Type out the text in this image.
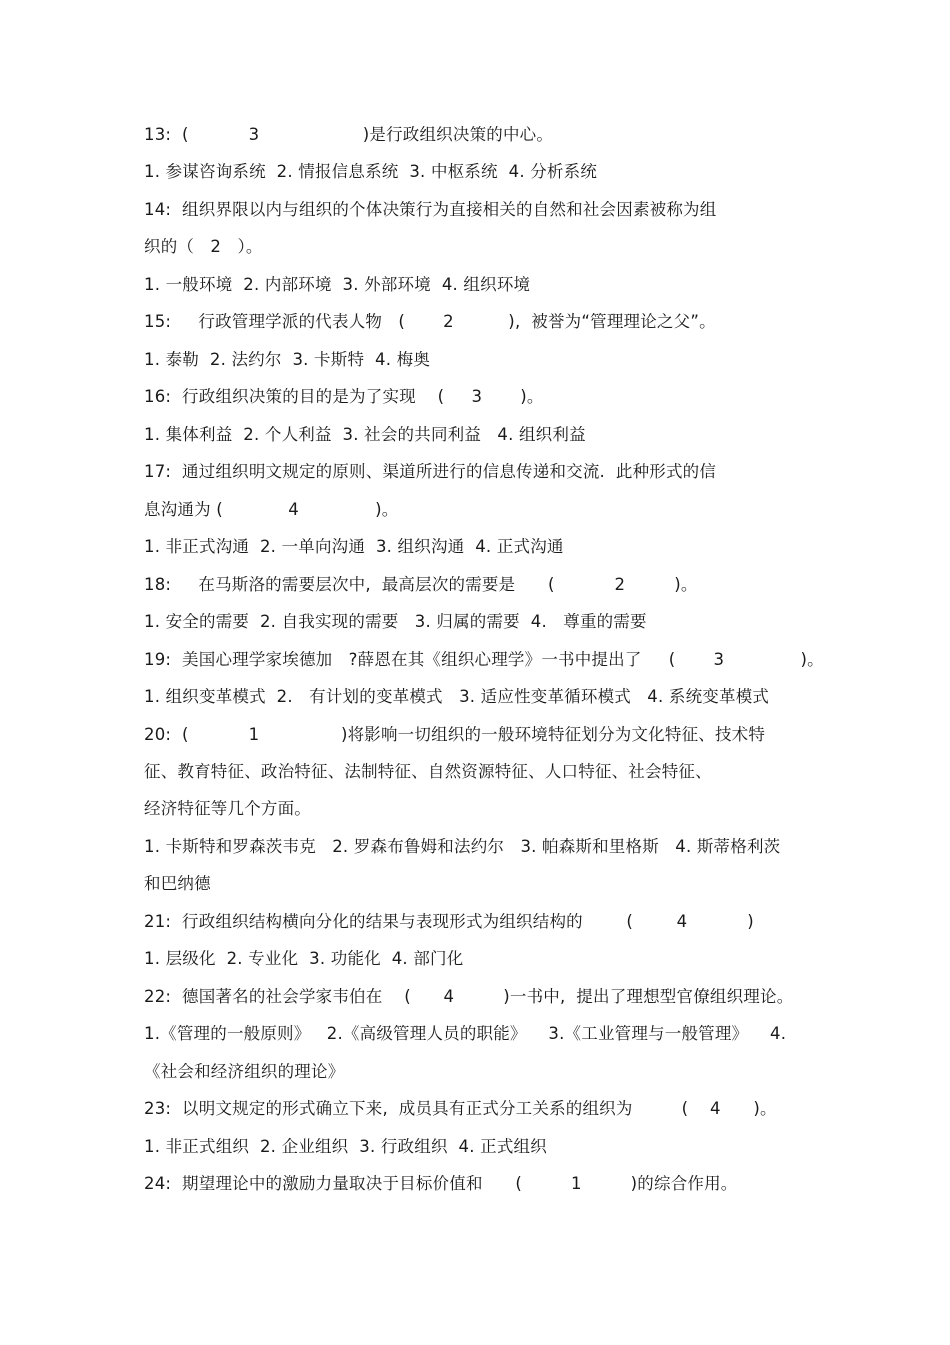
13:  (           3                   )是行政组织决策的中心。
1. 参谋咨询系统  2. 情报信息系统  3. 中枢系统  4. 分析系统
14:  组织界限以内与组织的个体决策行为直接相关的自然和社会因素被称为组
织的（   2   ）。
1. 一般环境  2. 内部环境  3. 外部环境  4. 组织环境
15:     行政管理学派的代表人物   (       2          ),  被誉为“管理理论之父”。
1. 泰勒  2. 法约尔  3. 卡斯特  4. 梅奥
16:  行政组织决策的目的是为了实现    (     3       )。
1. 集体利益  2. 个人利益  3. 社会的共同利益   4. 组织利益
17:  通过组织明文规定的原则、渠道所进行的信息传递和交流.  此种形式的信
息沟通为 (            4              )。
1. 非正式沟通  2. 一单向沟通  3. 组织沟通  4. 正式沟通
18:     在马斯洛的需要层次中,  最高层次的需要是      (           2         )。
1. 安全的需要  2. 自我实现的需要   3. 归属的需要  4.   尊重的需要
19:  美国心理学家埃德加   ?薛恩在其《组织心理学》一书中提出了     (       3              )。
1. 组织变革模式  2.   有计划的变革模式   3. 适应性变革循环模式   4. 系统变革模式
20:  (           1               )将影响一切组织的一般环境特征划分为文化特征、技术特
征、教育特征、政治特征、法制特征、自然资源特征、人口特征、社会特征、
经济特征等几个方面。
1. 卡斯特和罗森茨韦克   2. 罗森布鲁姆和法约尔   3. 帕森斯和里格斯   4. 斯蒂格利茨
和巴纳德
21:  行政组织结构横向分化的结果与表现形式为组织结构的        (        4           )
1. 层级化  2. 专业化  3. 功能化  4. 部门化
22:  德国著名的社会学家韦伯在    (      4         )一书中,  提出了理想型官僚组织理论。
1.《管理的一般原则》   2.《高级管理人员的职能》    3.《工业管理与一般管理》    4.
《社会和经济组织的理论》
23:  以明文规定的形式确立下来,  成员具有正式分工关系的组织为         (    4      )。
1. 非正式组织  2. 企业组织  3. 行政组织  4. 正式组织
24:  期望理论中的激励力量取决于目标价值和      (         1         )的综合作用。
